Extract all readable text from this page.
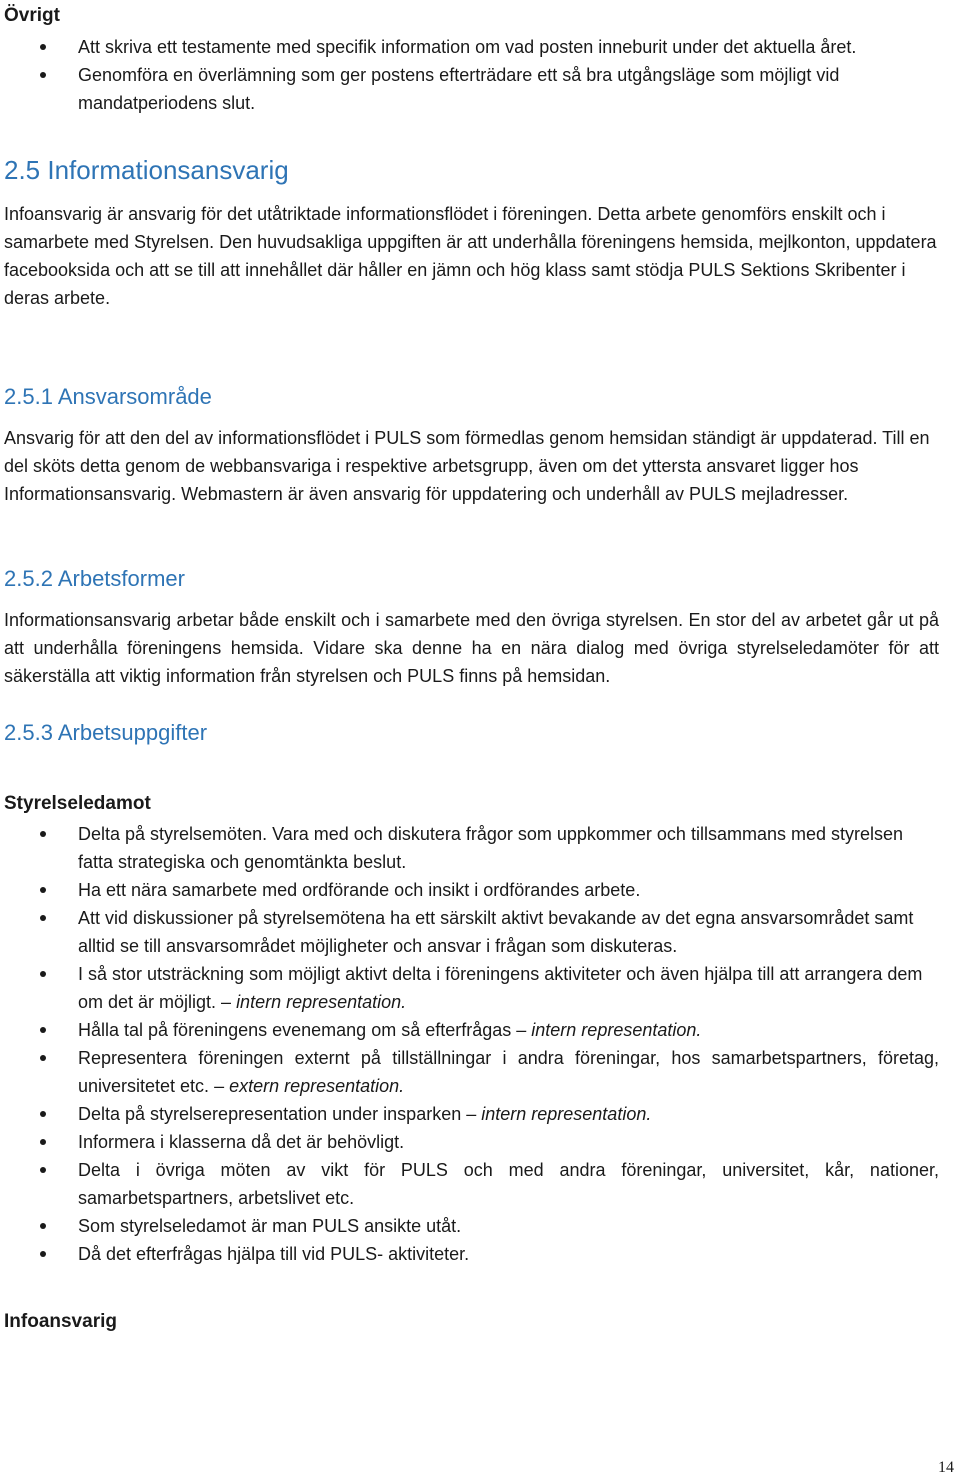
Övrigt
Att skriva ett testamente med specifik information om vad posten inneburit under det aktuella året.
Genomföra en överlämning som ger postens efterträdare ett så bra utgångsläge som möjligt vid mandatperiodens slut.
2.5 Informationsansvarig

Infoansvarig är ansvarig för det utåtriktade informationsflödet i föreningen. Detta arbete genomförs enskilt och i samarbete med Styrelsen. Den huvudsakliga uppgiften är att underhålla föreningens hemsida, mejlkonton, uppdatera facebooksida och att se till att innehållet där håller en jämn och hög klass samt stödja PULS Sektions Skribenter i deras arbete.

2.5.1 Ansvarsområde

Ansvarig för att den del av informationsflödet i PULS som förmedlas genom hemsidan ständigt är uppdaterad. Till en del sköts detta genom de webbansvariga i respektive arbetsgrupp, även om det yttersta ansvaret ligger hos Informationsansvarig. Webmastern är även ansvarig för uppdatering och underhåll av PULS mejladresser.

2.5.2 Arbetsformer

Informationsansvarig arbetar både enskilt och i samarbete med den övriga styrelsen. En stor del av arbetet går ut på att underhålla föreningens hemsida. Vidare ska denne ha en nära dialog med övriga styrelseledamöter för att säkerställa att viktig information från styrelsen och PULS finns på hemsidan.

2.5.3 Arbetsuppgifter
Styrelseledamot
Delta på styrelsemöten. Vara med och diskutera frågor som uppkommer och tillsammans med styrelsen fatta strategiska och genomtänkta beslut.
Ha ett nära samarbete med ordförande och insikt i ordförandes arbete.
Att vid diskussioner på styrelsemötena ha ett särskilt aktivt bevakande av det egna ansvarsområdet samt alltid se till ansvarsområdet möjligheter och ansvar i frågan som diskuteras.
I så stor utsträckning som möjligt aktivt delta i föreningens aktiviteter och även hjälpa till att arrangera dem om det är möjligt. – intern representation.
Hålla tal på föreningens evenemang om så efterfrågas – intern representation.
Representera föreningen externt på tillställningar i andra föreningar, hos samarbetspartners, företag, universitetet etc. – extern representation.
Delta på styrelserepresentation under insparken – intern representation.
Informera i klasserna då det är behövligt.
Delta i övriga möten av vikt för PULS och med andra föreningar, universitet, kår, nationer, samarbetspartners, arbetslivet etc.
Som styrelseledamot är man PULS ansikte utåt.
Då det efterfrågas hjälpa till vid PULS- aktiviteter.
Infoansvarig
14
